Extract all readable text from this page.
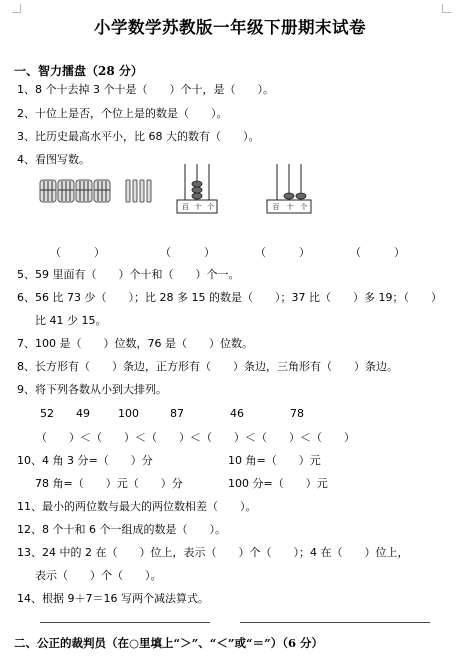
小学数学苏教版一年级下册期末试卷
一、智力擂盘（28 分）
1、8 个十去掉 3 个十是（　　）个十，是（　　）。
2、十位上是否，个位上是的数是（　　）。
3、比历史最高水平小，比 68 大的数有（　　）。
4、看图写数。
百 十 个	百 十 个
（　　　）	（　　　）	（　　　）	（　　　）
5、59 里面有（　　）个十和（　　）个一。
6、56 比 73 少（　　）；比 28 多 15 的数是（　　）；37 比（　　）多 19；（　　）
比 41 少 15。
7、100 是（　　）位数，76 是（　　）位数。
8、长方形有（　　）条边，正方形有（　　）条边，三角形有（　　）条边。
9、将下列各数从小到大排列。
52 49	100	87	46	78
（　　）＜（　　）＜（　　）＜（　　）＜（　　）＜（　　）
10、4 角 3 分=（　　）分	10 角=（　　）元
78 角=（　　）元（　　）分	100 分=（　　）元
11、最小的两位数与最大的两位数相差（　　）。
12、8 个十和 6 个一组成的数是（　　）。
13、24 中的 2 在（　　）位上，表示（　　）个（　　）；4 在（　　）位上，
表示（　　）个（　　）。
14、根据 9＋7＝16 写两个减法算式。
二、公正的裁判员（在○里填上“＞”、“＜”或“＝”）（6 分）
